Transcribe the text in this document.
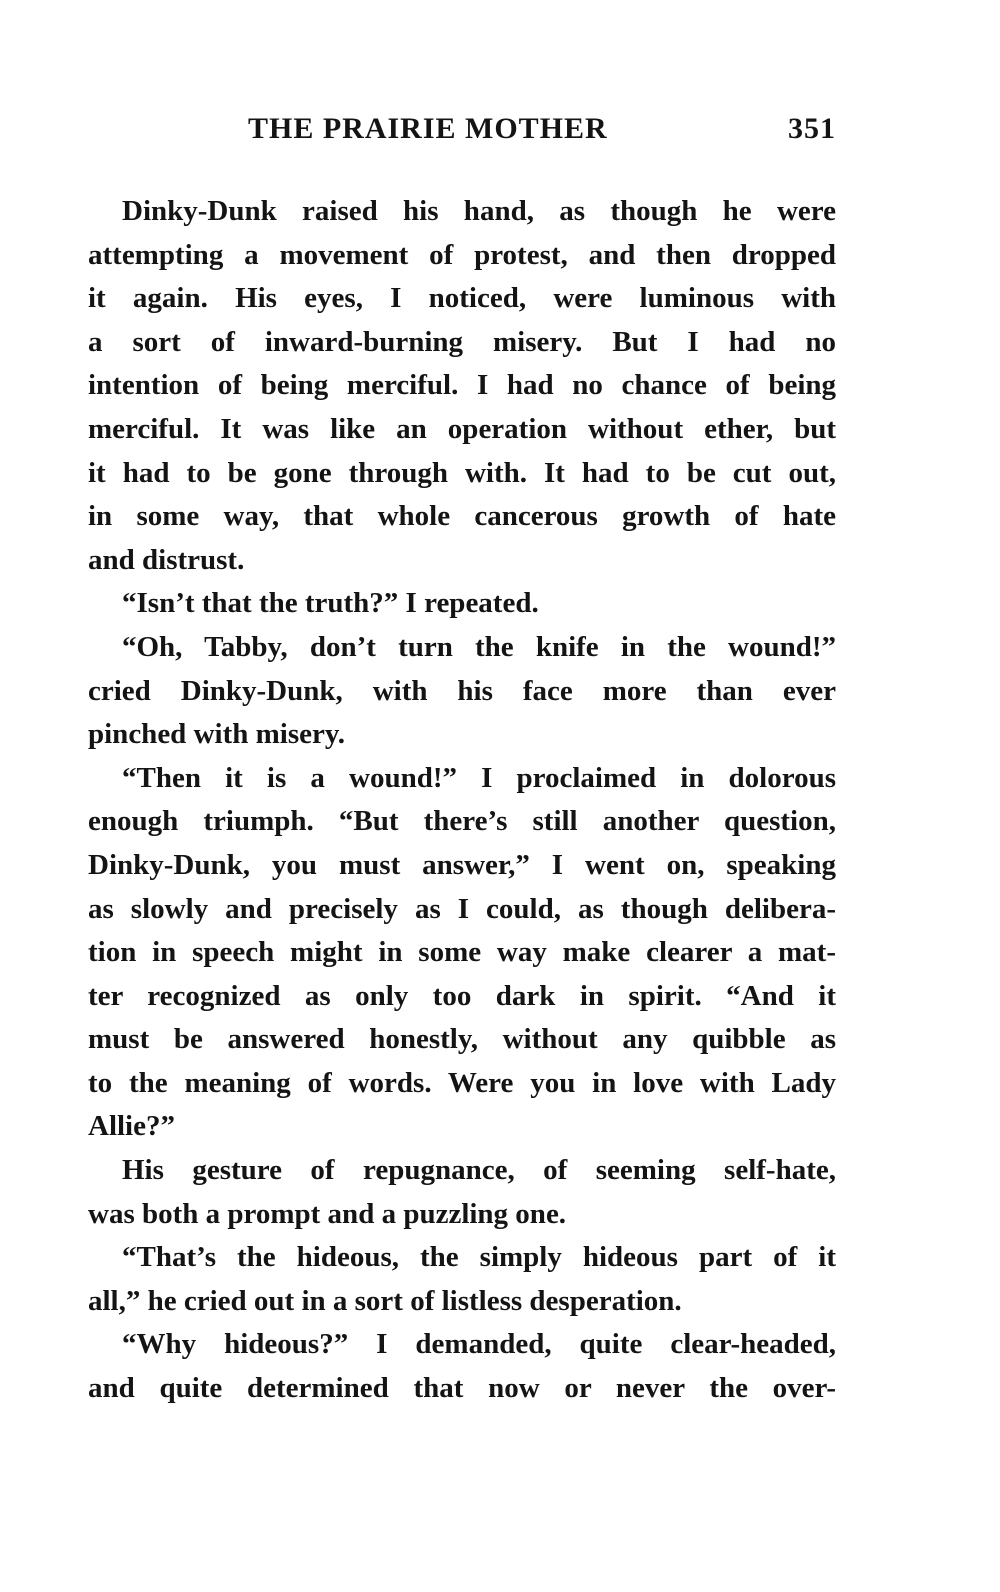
THE PRAIRIE MOTHER	351
Dinky-Dunk raised his hand, as though he were
attempting a movement of protest, and then dropped
it again. His eyes, I noticed, were luminous with
a sort of inward-burning misery. But I had no
intention of being merciful. I had no chance of being
merciful. It was like an operation without ether, but
it had to be gone through with. It had to be cut out,
in some way, that whole cancerous growth of hate
and distrust.
“Isn’t that the truth?” I repeated.
“Oh, Tabby, don’t turn the knife in the wound!”
cried Dinky-Dunk, with his face more than ever
pinched with misery.
“Then it is a wound!” I proclaimed in dolorous
enough triumph. “But there’s still another question,
Dinky-Dunk, you must answer,” I went on, speaking
as slowly and precisely as I could, as though delibera-
tion in speech might in some way make clearer a mat-
ter recognized as only too dark in spirit. “And it
must be answered honestly, without any quibble as
to the meaning of words. Were you in love with Lady
Allie?”
His gesture of repugnance, of seeming self-hate,
was both a prompt and a puzzling one.
“That’s the hideous, the simply hideous part of it
all,” he cried out in a sort of listless desperation.
“Why hideous?” I demanded, quite clear-headed,
and quite determined that now or never the over-
